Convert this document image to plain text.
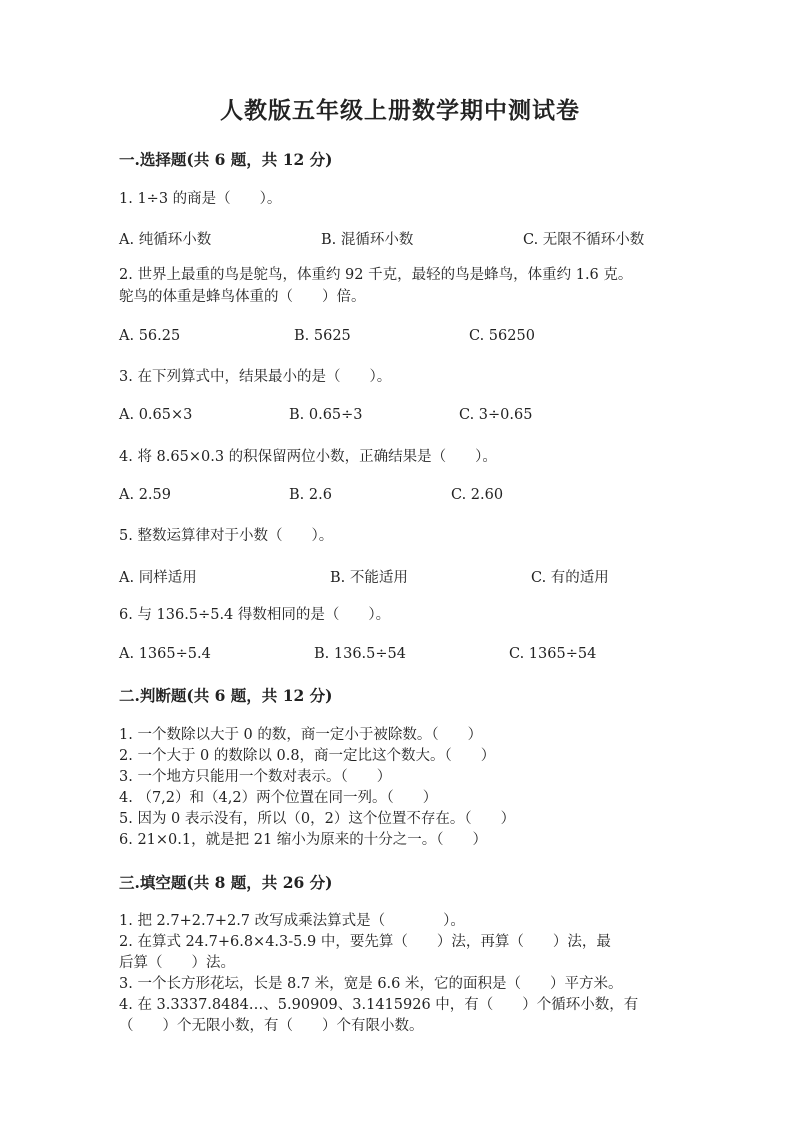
人教版五年级上册数学期中测试卷
一.选择题(共 6 题，共 12 分)
1. 1÷3 的商是（　　）。
A. 纯循环小数	B. 混循环小数	C. 无限不循环小数
2. 世界上最重的鸟是鸵鸟，体重约 92 千克，最轻的鸟是蜂鸟，体重约 1.6 克。
鸵鸟的体重是蜂鸟体重的（　　）倍。
A. 56.25	B. 5625	C. 56250
3. 在下列算式中，结果最小的是（　　）。
A. 0.65×3	B. 0.65÷3	C. 3÷0.65
4. 将 8.65×0.3 的积保留两位小数，正确结果是（　　）。
A. 2.59	B. 2.6	C. 2.60
5. 整数运算律对于小数（　　）。
A. 同样适用	B. 不能适用	C. 有的适用
6. 与 136.5÷5.4 得数相同的是（　　）。
A. 1365÷5.4	B. 136.5÷54	C. 1365÷54
二.判断题(共 6 题，共 12 分)
1. 一个数除以大于 0 的数，商一定小于被除数。（　　）
2. 一个大于 0 的数除以 0.8，商一定比这个数大。（　　）
3. 一个地方只能用一个数对表示。（　　）
4. （7,2）和（4,2）两个位置在同一列。（　　）
5. 因为 0 表示没有，所以（0，2）这个位置不存在。（　　）
6. 21×0.1，就是把 21 缩小为原来的十分之一。（　　）
三.填空题(共 8 题，共 26 分)
1. 把 2.7+2.7+2.7 改写成乘法算式是（　　　　）。
2. 在算式 24.7+6.8×4.3-5.9 中，要先算（　　）法，再算（　　）法，最
后算（　　）法。
3. 一个长方形花坛，长是 8.7 米，宽是 6.6 米，它的面积是（　　）平方米。
4. 在 3.3337.8484…、5.90909、3.1415926 中，有（　　）个循环小数，有
（　　）个无限小数，有（　　）个有限小数。
